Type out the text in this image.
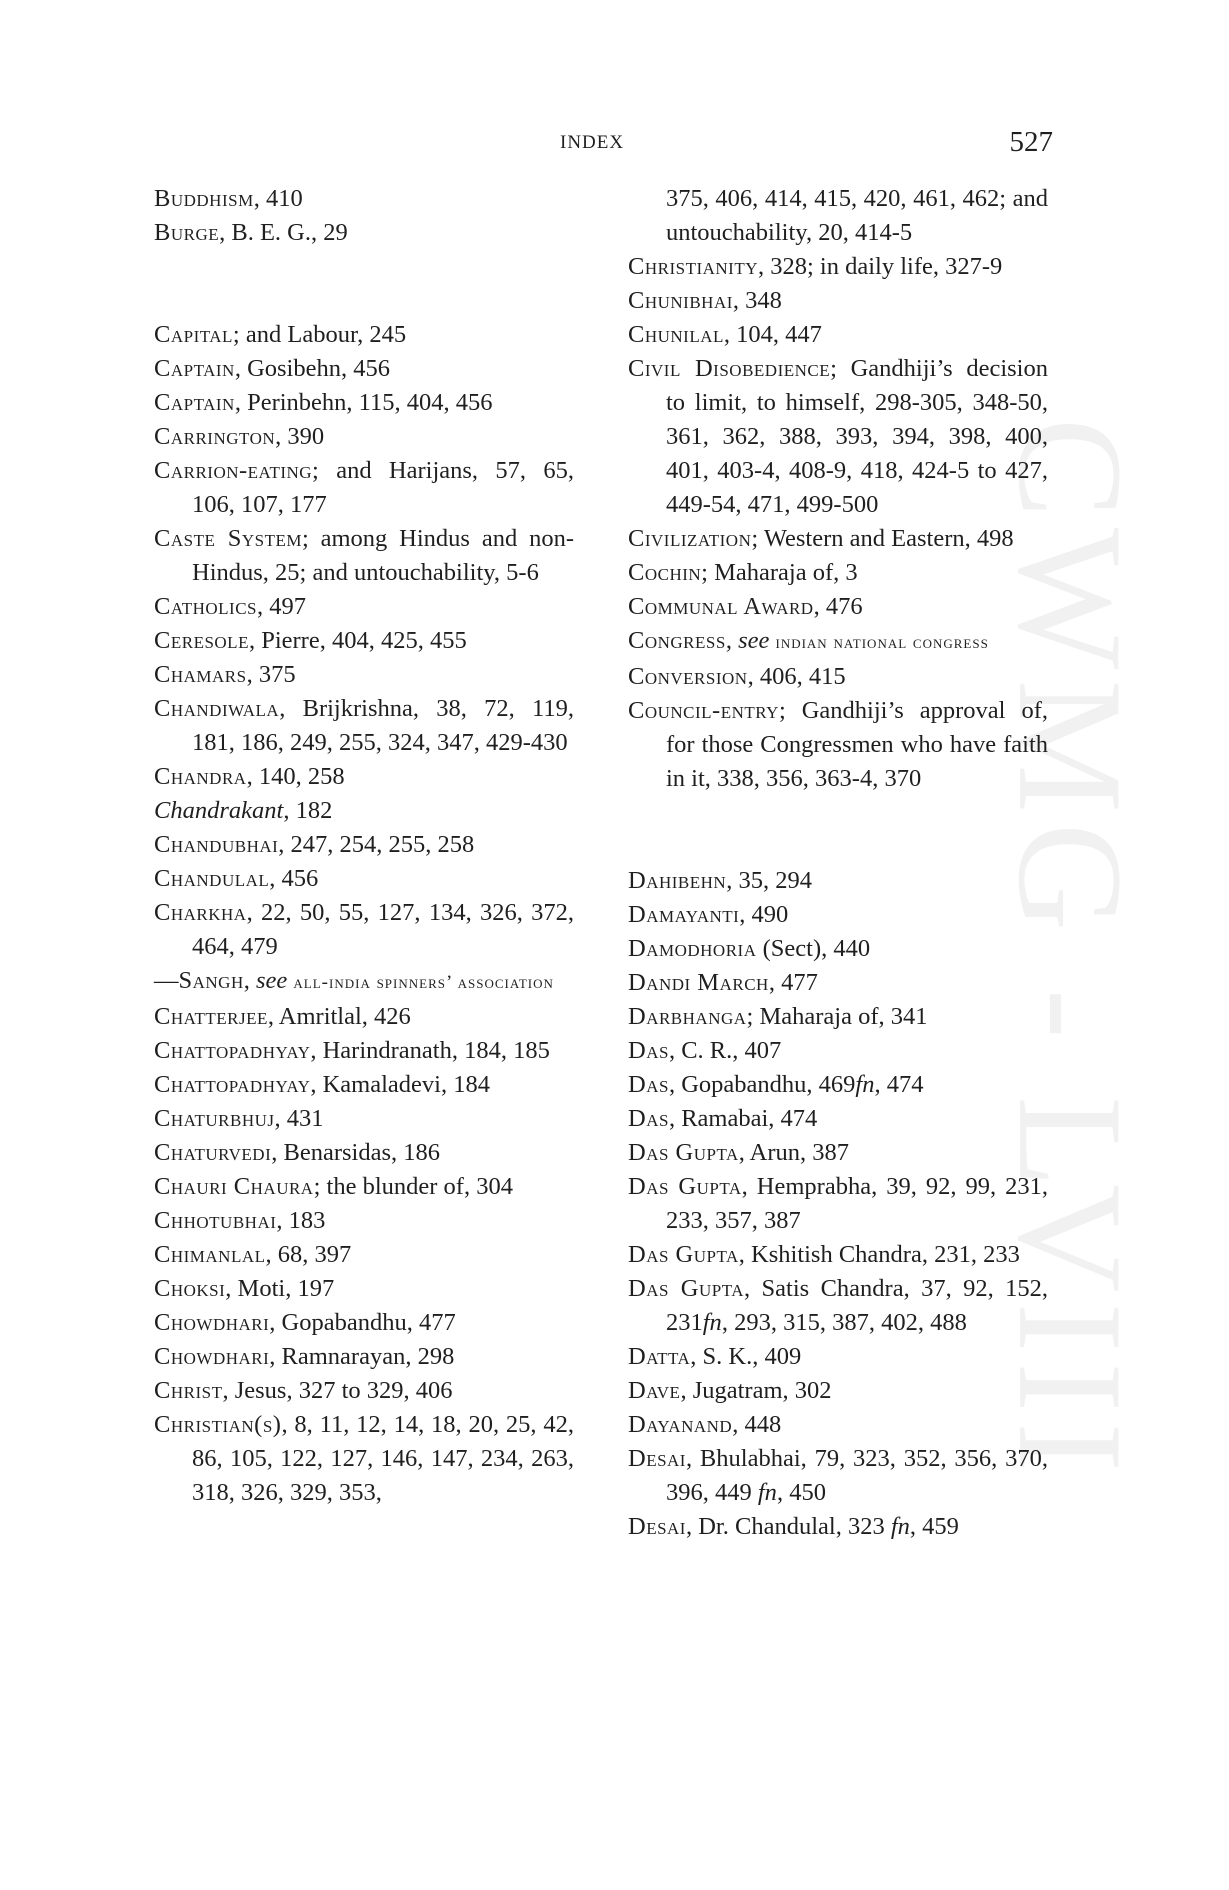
INDEX	527
CWMG - LVIII
Buddhism, 410
Burge, B. E. G., 29
Capital; and Labour, 245
Captain, Gosibehn, 456
Captain, Perinbehn, 115, 404, 456
Carrington, 390
Carrion-eating; and Harijans, 57, 65, 106, 107, 177
Caste System; among Hindus and non-Hindus, 25; and untouchability, 5-6
Catholics, 497
Ceresole, Pierre, 404, 425, 455
Chamars, 375
Chandiwala, Brijkrishna, 38, 72, 119, 181, 186, 249, 255, 324, 347, 429-430
Chandra, 140, 258
Chandrakant, 182
Chandubhai, 247, 254, 255, 258
Chandulal, 456
Charkha, 22, 50, 55, 127, 134, 326, 372, 464, 479
—Sangh, see all-india spinners’ association
Chatterjee, Amritlal, 426
Chattopadhyay, Harindranath, 184, 185
Chattopadhyay, Kamaladevi, 184
Chaturbhuj, 431
Chaturvedi, Benarsidas, 186
Chauri Chaura; the blunder of, 304
Chhotubhai, 183
Chimanlal, 68, 397
Choksi, Moti, 197
Chowdhari, Gopabandhu, 477
Chowdhari, Ramnarayan, 298
Christ, Jesus, 327 to 329, 406
Christian(s), 8, 11, 12, 14, 18, 20, 25, 42, 86, 105, 122, 127, 146, 147, 234, 263, 318, 326, 329, 353,
375, 406, 414, 415, 420, 461, 462; and untouchability, 20, 414-5
Christianity, 328; in daily life, 327-9
Chunibhai, 348
Chunilal, 104, 447
Civil Disobedience; Gandhiji’s decision to limit, to himself, 298-305, 348-50, 361, 362, 388, 393, 394, 398, 400, 401, 403-4, 408-9, 418, 424-5 to 427, 449-54, 471, 499-500
Civilization; Western and Eastern, 498
Cochin; Maharaja of, 3
Communal Award, 476
Congress, see indian national congress
Conversion, 406, 415
Council-entry; Gandhiji’s approval of, for those Congressmen who have faith in it, 338, 356, 363-4, 370
Dahibehn, 35, 294
Damayanti, 490
Damodhoria (Sect), 440
Dandi March, 477
Darbhanga; Maharaja of, 341
Das, C. R., 407
Das, Gopabandhu, 469fn, 474
Das, Ramabai, 474
Das Gupta, Arun, 387
Das Gupta, Hemprabha, 39, 92, 99, 231, 233, 357, 387
Das Gupta, Kshitish Chandra, 231, 233
Das Gupta, Satis Chandra, 37, 92, 152, 231fn, 293, 315, 387, 402, 488
Datta, S. K., 409
Dave, Jugatram, 302
Dayanand, 448
Desai, Bhulabhai, 79, 323, 352, 356, 370, 396, 449 fn, 450
Desai, Dr. Chandulal, 323 fn, 459
